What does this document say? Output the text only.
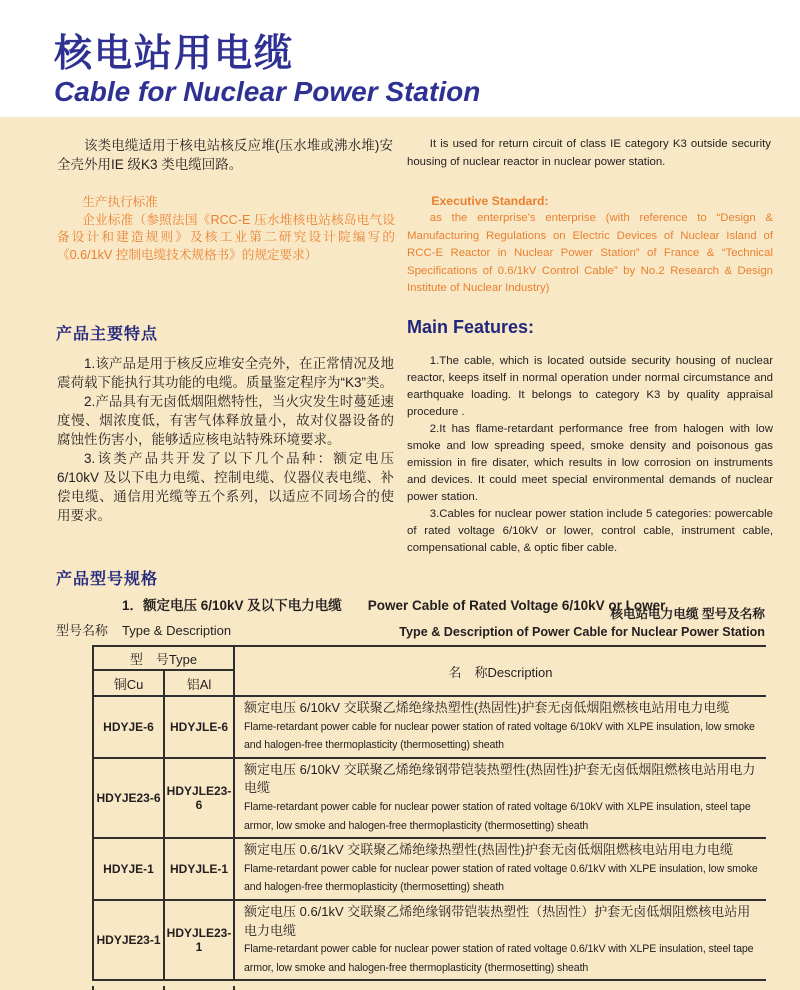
核电站用电缆
Cable for Nuclear Power Station

该类电缆适用于核电站核反应堆(压水堆或沸水堆)安全壳外用IE 级K3 类电缆回路。

It is used for return circuit of class IE category K3 outside security housing of nuclear reactor in nuclear power station.

生产执行标准

企业标准（参照法国《RCC-E 压水堆核电站核岛电气设备设计和建造规则》及核工业第二研究设计院编写的《0.6/1kV 控制电缆技术规格书》的规定要求）

Executive Standard:

as the enterprise's enterprise (with reference to “Design & Manufacturing Regulations on Electric Devices of Nuclear Island of RCC-E Reactor in Nuclear Power Station” of France & “Technical Specifications of 0.6/1kV Control Cable” by No.2 Research & Design Institute of Nuclear Industry)

产品主要特点

1.该产品是用于核反应堆安全壳外，在正常情况及地震荷载下能执行其功能的电缆。质量鉴定程序为“K3”类。

2.产品具有无卤低烟阻燃特性，当火灾发生时蔓延速度慢、烟浓度低，有害气体释放量小，故对仪器设备的腐蚀性伤害小，能够适应核电站特殊环境要求。

3.该类产品共开发了以下几个品种：额定电压 6/10kV 及以下电力电缆、控制电缆、仪器仪表电缆、补偿电缆、通信用光缆等五个系列，以适应不同场合的使用要求。

Main Features:

1.The cable, which is located outside security housing of nuclear reactor, keeps itself in normal operation under normal circumstance and earthquake loading. It belongs to category K3 by quality appraisal procedure .

2.It has flame-retardant performance free from halogen with low smoke and low spreading speed, smoke density and poisonous gas emission in fire disater, which results in low corrosion on instruments and devices. It could meet special environmental demands of nuclear power station.

3.Cables for nuclear power station include 5 categories: powercable of rated voltage 6/10kV or lower, control cable, instrument cable, compensational cable, & optic fiber cable.

产品型号规格
1．额定电压 6/10kV 及以下电力电缆 Power Cable of Rated Voltage 6/10kV or Lower
型号名称 Type & Description
核电站电力电缆 型号及名称
Type & Description of Power Cable for Nuclear Power Station
型　号Type		名　称Description
铜Cu	铝Al	
HDYJE-6	HDYJLE-6	额定电压 6/10kV 交联聚乙烯绝缘热塑性(热固性)护套无卤低烟阻燃核电站用电力电缆
Flame-retardant power cable for nuclear power station of rated voltage 6/10kV with XLPE insulation, low smoke and halogen-free thermoplasticity (thermosetting) sheath

HDYJE23-6	HDYJLE23-6	额定电压 6/10kV 交联聚乙烯绝缘钢带铠装热塑性(热固性)护套无卤低烟阻燃核电站用电力电缆
Flame-retardant power cable for nuclear power station of rated voltage 6/10kV with XLPE insulation, steel tape armor, low smoke and halogen-free thermoplasticity (thermosetting) sheath

HDYJE-1	HDYJLE-1	额定电压 0.6/1kV 交联聚乙烯绝缘热塑性(热固性)护套无卤低烟阻燃核电站用电力电缆
Flame-retardant power cable for nuclear power station of rated voltage 0.6/1kV with XLPE insulation, low smoke and halogen-free thermoplasticity (thermosetting) sheath

HDYJE23-1	HDYJLE23-1	额定电压 0.6/1kV 交联聚乙烯绝缘钢带铠装热塑性（热固性）护套无卤低烟阻燃核电站用电力电缆
Flame-retardant power cable for nuclear power station of rated voltage 0.6/1kV with XLPE insulation, steel tape armor, low smoke and halogen-free thermoplasticity (thermosetting) sheath
